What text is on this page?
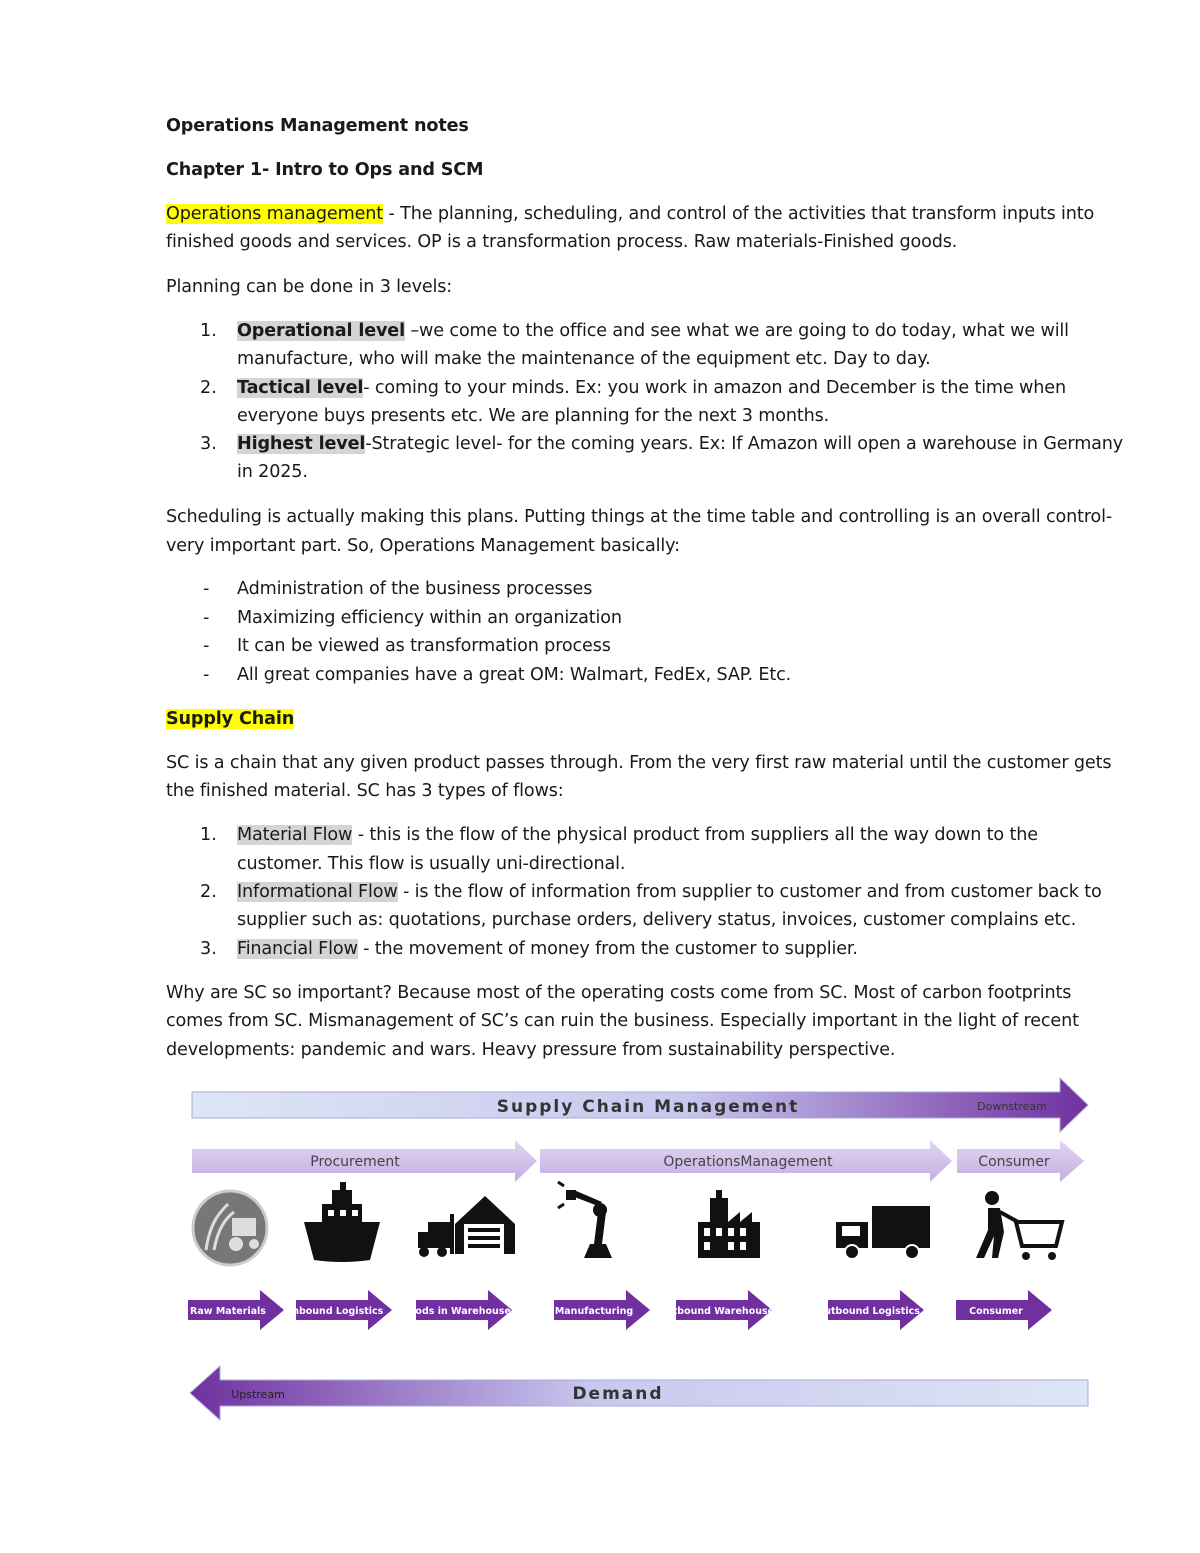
Operations Management notes
Chapter 1- Intro to Ops and SCM
Operations management - The planning, scheduling, and control of the activities that transform inputs into
finished goods and services. OP is a transformation process. Raw materials-Finished goods.
Planning can be done in 3 levels:
1. Operational level –we come to the office and see what we are going to do today, what we will
manufacture, who will make the maintenance of the equipment etc. Day to day.
2. Tactical level- coming to your minds. Ex: you work in amazon and December is the time when
everyone buys presents etc. We are planning for the next 3 months.
3. Highest level-Strategic level- for the coming years. Ex: If Amazon will open a warehouse in Germany
in 2025.
Scheduling is actually making this plans. Putting things at the time table and controlling is an overall control-
very important part. So, Operations Management basically:
- Administration of the business processes
- Maximizing efficiency within an organization
- It can be viewed as transformation process
- All great companies have a great OM: Walmart, FedEx, SAP. Etc.
Supply Chain
SC is a chain that any given product passes through. From the very first raw material until the customer gets
the finished material. SC has 3 types of flows:
1. Material Flow - this is the flow of the physical product from suppliers all the way down to the
customer. This flow is usually uni-directional.
2. Informational Flow - is the flow of information from supplier to customer and from customer back to
supplier such as: quotations, purchase orders, delivery status, invoices, customer complains etc.
3. Financial Flow - the movement of money from the customer to supplier.
Why are SC so important? Because most of the operating costs come from SC. Most of carbon footprints
comes from SC. Mismanagement of SC’s can ruin the business. Especially important in the light of recent
developments: pandemic and wars. Heavy pressure from sustainability perspective.
Supply Chain Management	Downstream
Procurement	OperationsManagement	Consumer
Raw Materials Inbound Logistics Goods in Warehouse	Manufacturing	Outbound Warehouse	Outbound Logistics	Consumer
Demand
Upstream
